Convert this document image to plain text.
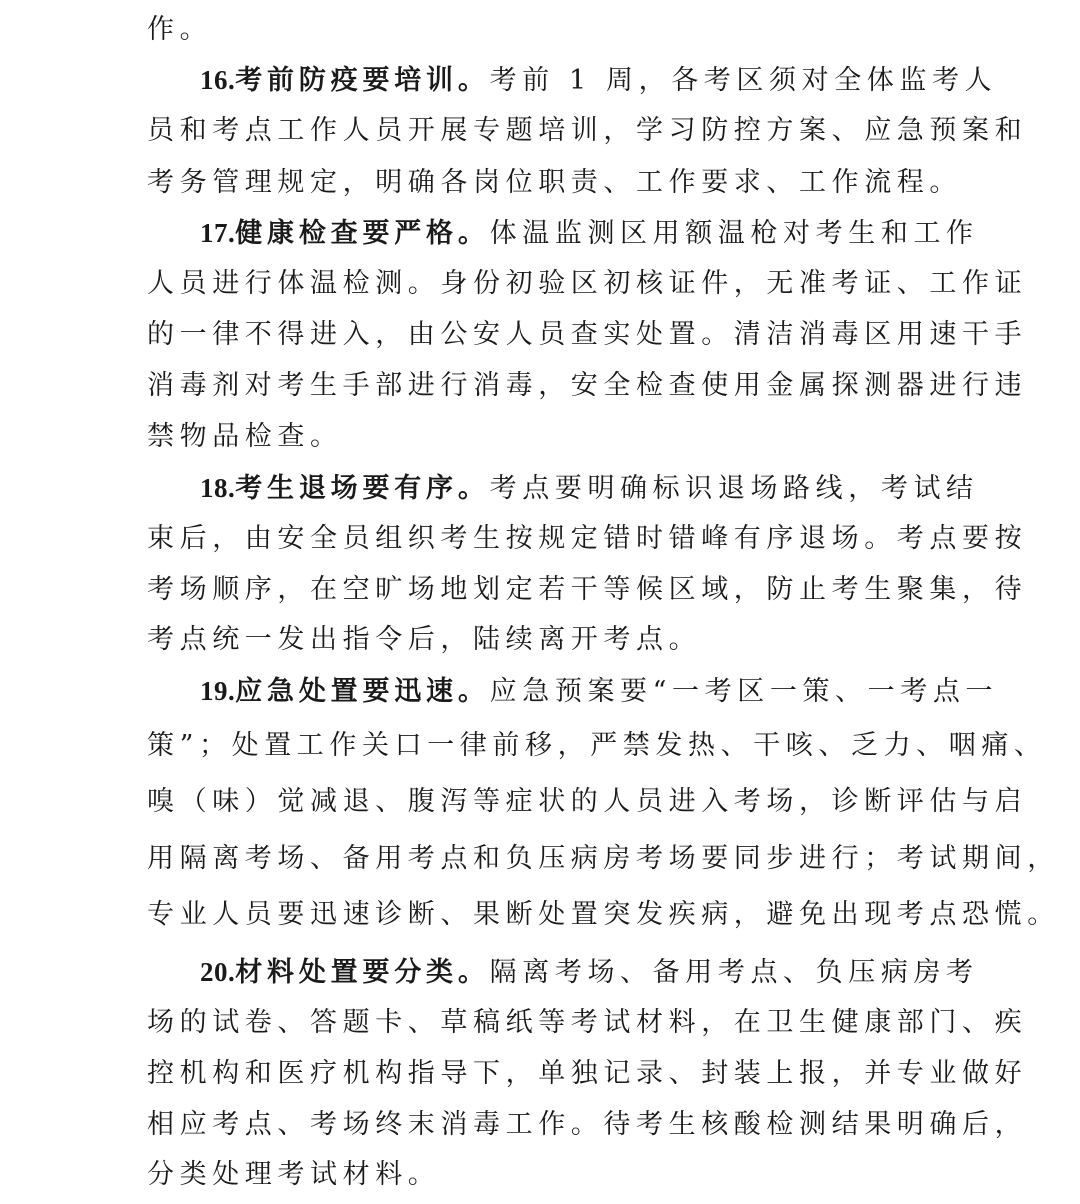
作。
16.考前防疫要培训。考前 1 周，各考区须对全体监考人
员和考点工作人员开展专题培训，学习防控方案、应急预案和
考务管理规定，明确各岗位职责、工作要求、工作流程。
17.健康检查要严格。体温监测区用额温枪对考生和工作
人员进行体温检测。身份初验区初核证件，无准考证、工作证
的一律不得进入，由公安人员查实处置。清洁消毒区用速干手
消毒剂对考生手部进行消毒，安全检查使用金属探测器进行违
禁物品检查。
18.考生退场要有序。考点要明确标识退场路线，考试结
束后，由安全员组织考生按规定错时错峰有序退场。考点要按
考场顺序，在空旷场地划定若干等候区域，防止考生聚集，待
考点统一发出指令后，陆续离开考点。
19.应急处置要迅速。应急预案要“一考区一策、一考点一
策”；处置工作关口一律前移，严禁发热、干咳、乏力、咽痛、
嗅（味）觉减退、腹泻等症状的人员进入考场，诊断评估与启
用隔离考场、备用考点和负压病房考场要同步进行；考试期间，
专业人员要迅速诊断、果断处置突发疾病，避免出现考点恐慌。
20.材料处置要分类。隔离考场、备用考点、负压病房考
场的试卷、答题卡、草稿纸等考试材料，在卫生健康部门、疾
控机构和医疗机构指导下，单独记录、封装上报，并专业做好
相应考点、考场终末消毒工作。待考生核酸检测结果明确后，
分类处理考试材料。
